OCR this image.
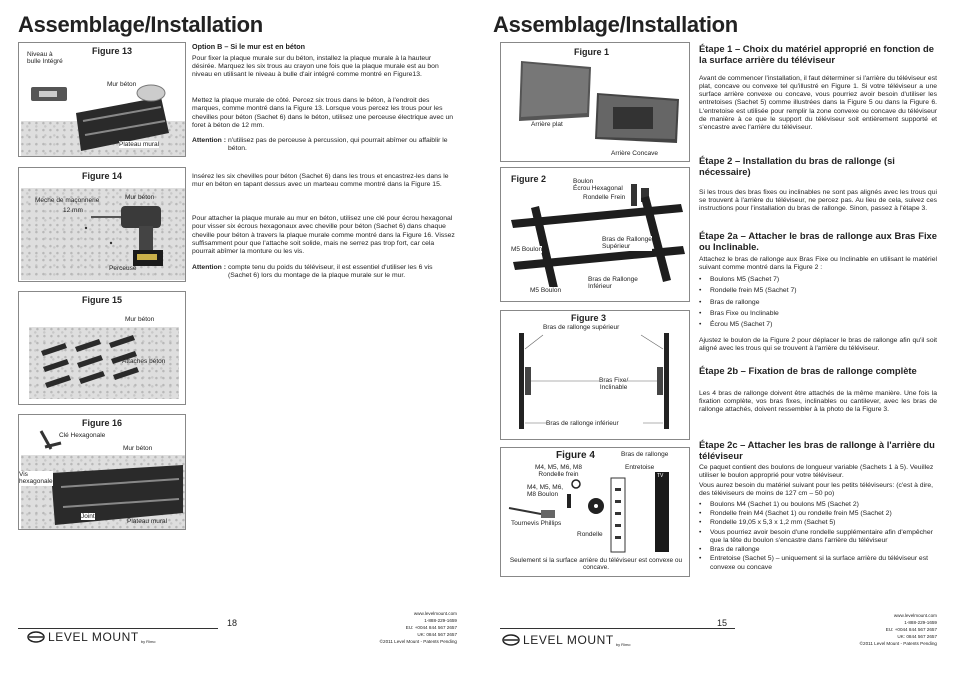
Assemblage/Installation
Figure 13
Niveau à
bulle Intégré
Mur béton
Plateau mural
Figure 14
Meche de maçonnerie
12 mm
Mur béton
Perceuse
Figure 15
Mur béton
Attaches béton
Figure 16
Clé Hexagonale
Mur béton
Vis
hexagonale
Joint
Plateau mural
Option B – Si le mur est en béton
Pour fixer la plaque murale sur du béton, installez la plaque murale à la hauteur désirée. Marquez les six trous au crayon une fois que la plaque murale est au bon niveau en utilisant le niveau à bulle d'air intégré comme montré en Figure13.
Mettez la plaque murale de côté. Percez six trous dans le béton, à l'endroit des marques, comme montré dans la Figure 13. Lorsque vous percez les trous pour les chevilles pour béton (Sachet 6) dans le béton, utilisez une perceuse électrique avec un foret à béton de 12 mm.
Attention : n'utilisez pas de perceuse à percussion, qui pourrait abîmer ou affaiblir le béton.
Insérez les six chevilles pour béton (Sachet 6) dans les trous et encastrez-les dans le mur en béton en tapant dessus avec un marteau comme montré dans la Figure 15.
Pour attacher la plaque murale au mur en béton, utilisez une clé pour écrou hexagonal pour visser six écrous hexagonaux avec cheville pour béton (Sachet 6) dans chaque cheville pour béton à travers la plaque murale comme montré dans la Figure 16. Vissez suffisamment pour que l'attache soit solide, mais ne serrez pas trop fort, car cela pourrait abîmer la monture ou les vis.
Attention : compte tenu du poids du téléviseur, il est essentiel d'utiliser les 6 vis (Sachet 6) lors du montage de la plaque murale sur le mur.
18
LEVEL MOUNT by Rimo
www.levelmount.com
1-888-229-1659
EU: +0044 844 567 2657
UK: 0844 567 2657
©2011 Level Mount - Patents Pending
Assemblage/Installation
Figure 1
Arrière plat
Arrière Concave
Figure 2	Boulon
Écrou Hexagonal
Rondelle Frein
M5 Boulon
Bras de Rallonge
Supérieur
Bras de Rallonge
Inférieur
M5 Boulon
Figure 3
Bras de rallonge supérieur
Bras Fixe/
Inclinable
Bras de rallonge inférieur
Figure 4	Bras de rallonge
Entretoise
M4, M5, M6, M8
Rondelle frein
M4, M5, M6,
M8 Boulon
TV
Tournevis Phillips
Rondelle
Seulement si la surface arrière du téléviseur est convexe ou concave.
Étape 1 – Choix du matériel approprié en fonction de la surface arrière du téléviseur
Avant de commencer l'installation, il faut déterminer si l'arrière du téléviseur est plat, concave ou convexe tel qu'illustré en Figure 1. Si votre téléviseur a une surface arrière convexe ou concave, vous pourriez avoir besoin d'utiliser les entretoises (Sachet 5) comme illustrées dans la Figure 5 ou dans la Figure 6. L'entretoise est utilisée pour remplir la zone convexe ou concave du téléviseur de manière à ce que le support du téléviseur soit entièrement supporté et s'encastre avec l'arrière du téléviseur.
Étape 2 – Installation du bras de rallonge (si nécessaire)
Si les trous des bras fixes ou inclinables ne sont pas alignés avec les trous qui se trouvent à l'arrière du téléviseur, ne percez pas. Au lieu de cela, suivez ces instructions pour l'installation du bras de rallonge. Sinon, passez à l'étape 3.
Étape 2a – Attacher le bras de rallonge aux Bras Fixe ou Inclinable.
Attachez le bras de rallonge aux Bras Fixe ou Inclinable en utilisant le matériel suivant comme montré dans la Figure 2 :
• Boulons M5 (Sachet 7)
• Rondelle frein M5 (Sachet 7)
• Bras de rallonge
• Bras Fixe ou Inclinable
• Écrou M5 (Sachet 7)
Ajustez le boulon de la Figure 2 pour déplacer le bras de rallonge afin qu'il soit aligné avec les trous qui se trouvent à l'arrière du téléviseur.
Étape 2b – Fixation de bras de rallonge complète
Les 4 bras de rallonge doivent être attachés de la même manière. Une fois la fixation complète, vos bras fixes, inclinables ou cantilever, avec les bras de rallonge attachés, doivent ressembler à la photo de la Figure 3.
Étape 2c – Attacher les bras de rallonge à l'arrière du téléviseur
Ce paquet contient des boulons de longueur variable (Sachets 1 à 5). Veuillez utiliser le boulon approprié pour votre téléviseur.
Vous aurez besoin du matériel suivant pour les petits téléviseurs: (c'est à dire, des téléviseurs de moins de 127 cm – 50 po)
• Boulons M4 (Sachet 1) ou boulons M5 (Sachet 2)
• Rondelle frein M4 (Sachet 1) ou rondelle frein M5 (Sachet 2)
• Rondelle 19,05 x 5,3 x 1,2 mm (Sachet 5)
• Vous pourriez avoir besoin d'une rondelle supplémentaire afin d'empêcher que la tête du boulon s'encastre dans l'arrière du téléviseur
• Bras de rallonge
• Entretoise (Sachet 5) – uniquement si la surface arrière du téléviseur est convexe ou concave
15
LEVEL MOUNT by Rimo
www.levelmount.com
1-888-229-1659
EU: +0044 844 567 2657
UK: 0844 567 2657
©2011 Level Mount - Patents Pending
